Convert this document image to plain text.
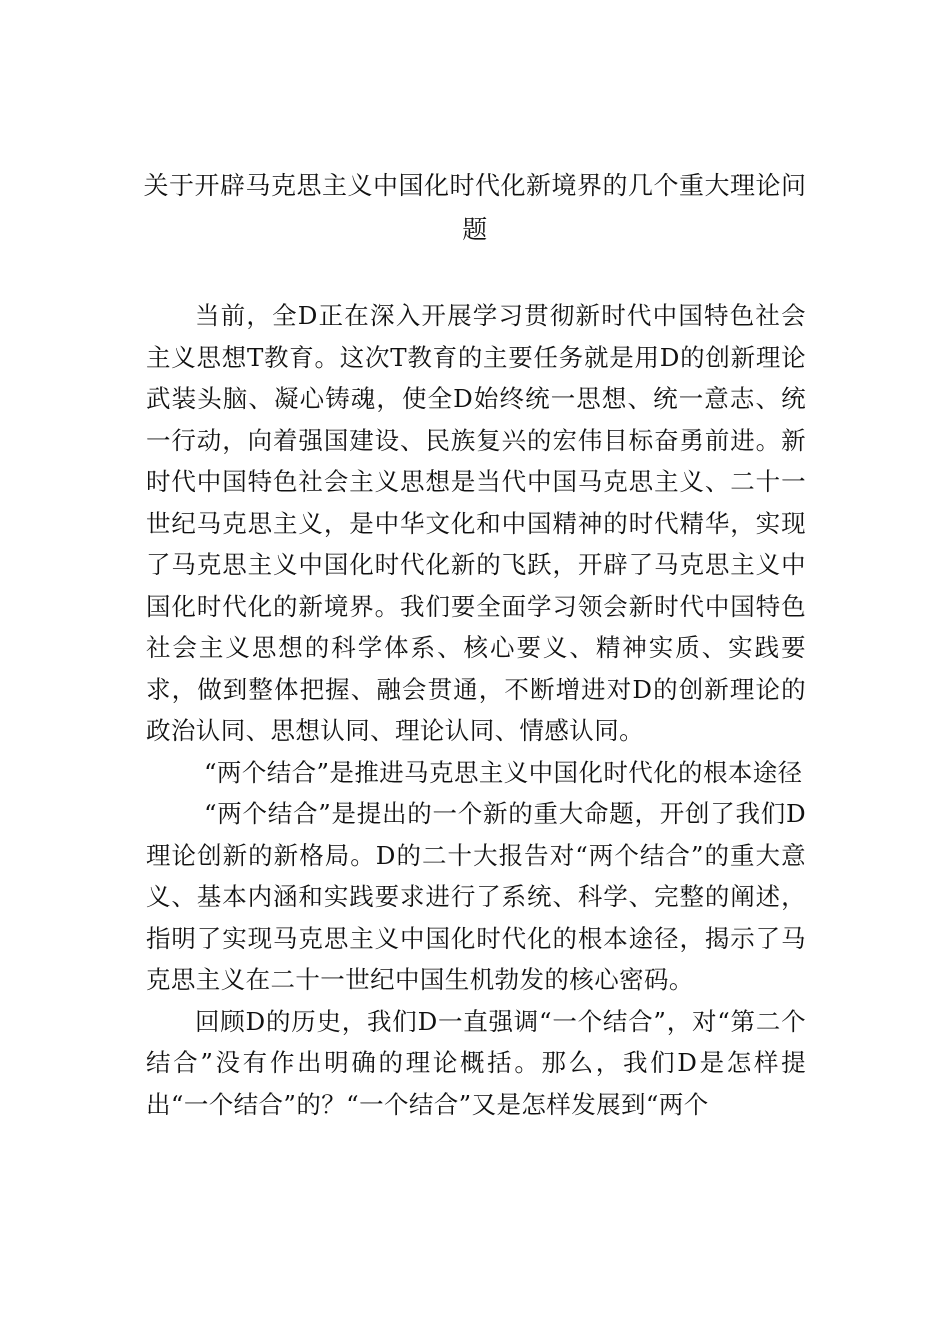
关于开辟马克思主义中国化时代化新境界的几个重大理论问题

当前，全D正在深入开展学习贯彻新时代中国特色社会主义思想T教育。这次T教育的主要任务就是用D的创新理论武装头脑、凝心铸魂，使全D始终统一思想、统一意志、统一行动，向着强国建设、民族复兴的宏伟目标奋勇前进。新时代中国特色社会主义思想是当代中国马克思主义、二十一世纪马克思主义，是中华文化和中国精神的时代精华，实现了马克思主义中国化时代化新的飞跃，开辟了马克思主义中国化时代化的新境界。我们要全面学习领会新时代中国特色社会主义思想的科学体系、核心要义、精神实质、实践要求，做到整体把握、融会贯通，不断增进对D的创新理论的政治认同、思想认同、理论认同、情感认同。

“两个结合”是推进马克思主义中国化时代化的根本途径

“两个结合”是提出的一个新的重大命题，开创了我们D理论创新的新格局。D的二十大报告对“两个结合”的重大意义、基本内涵和实践要求进行了系统、科学、完整的阐述，指明了实现马克思主义中国化时代化的根本途径，揭示了马克思主义在二十一世纪中国生机勃发的核心密码。

回顾D的历史，我们D一直强调“一个结合”，对“第二个结合”没有作出明确的理论概括。那么，我们D是怎样提出“一个结合”的？“一个结合”又是怎样发展到“两个
